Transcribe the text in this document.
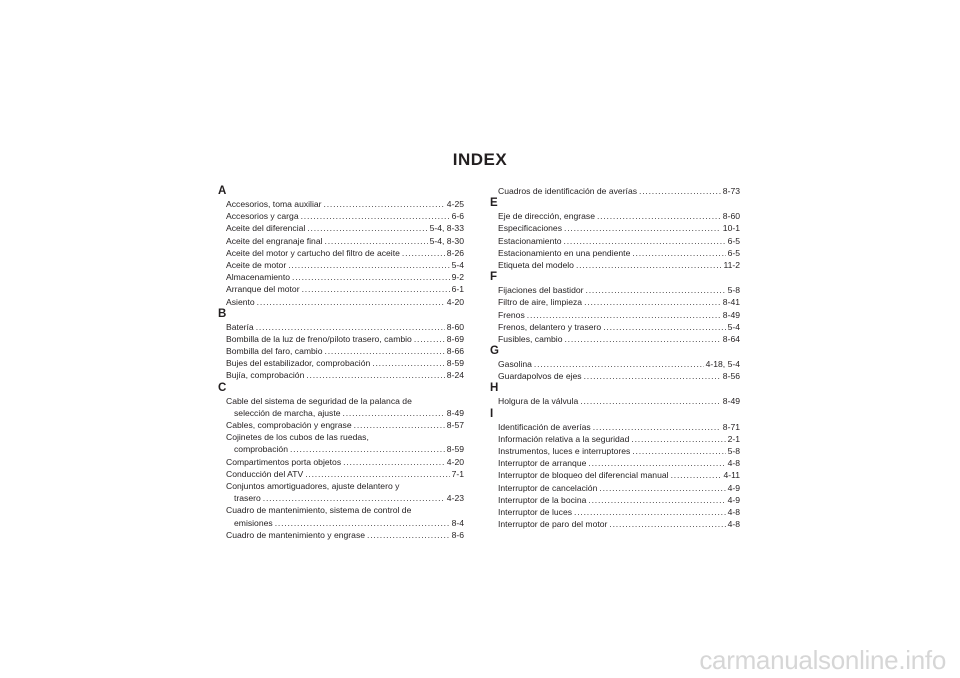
INDEX
A
Accesorios, toma auxiliar .....	4-25
Accesorios y carga .....	6-6
Aceite del diferencial .....	5-4, 8-33
Aceite del engranaje final .....	5-4, 8-30
Aceite del motor y cartucho del filtro de aceite .....	8-26
Aceite de motor .....	5-4
Almacenamiento .....	9-2
Arranque del motor .....	6-1
Asiento .....	4-20
B
Batería .....	8-60
Bombilla de la luz de freno/piloto trasero, cambio .....	8-69
Bombilla del faro, cambio .....	8-66
Bujes del estabilizador, comprobación .....	8-59
Bujía, comprobación .....	8-24
C
Cable del sistema de seguridad de la palanca de
selección de marcha, ajuste .....	8-49
Cables, comprobación y engrase .....	8-57
Cojinetes de los cubos de las ruedas,
comprobación .....	8-59
Compartimentos porta objetos .....	4-20
Conducción del ATV .....	7-1
Conjuntos amortiguadores, ajuste delantero y
trasero .....	4-23
Cuadro de mantenimiento, sistema de control de
emisiones .....	8-4
Cuadro de mantenimiento y engrase .....	8-6
Cuadros de identificación de averías .....	8-73
E
Eje de dirección, engrase .....	8-60
Especificaciones .....	10-1
Estacionamiento .....	6-5
Estacionamiento en una pendiente .....	6-5
Etiqueta del modelo .....	11-2
F
Fijaciones del bastidor .....	5-8
Filtro de aire, limpieza .....	8-41
Frenos .....	8-49
Frenos, delantero y trasero .....	5-4
Fusibles, cambio .....	8-64
G
Gasolina .....	4-18, 5-4
Guardapolvos de ejes .....	8-56
H
Holgura de la válvula .....	8-49
I
Identificación de averías .....	8-71
Información relativa a la seguridad .....	2-1
Instrumentos, luces e interruptores .....	5-8
Interruptor de arranque .....	4-8
Interruptor de bloqueo del diferencial manual .....	4-11
Interruptor de cancelación .....	4-9
Interruptor de la bocina .....	4-9
Interruptor de luces .....	4-8
Interruptor de paro del motor .....	4-8
carmanualsonline.info
